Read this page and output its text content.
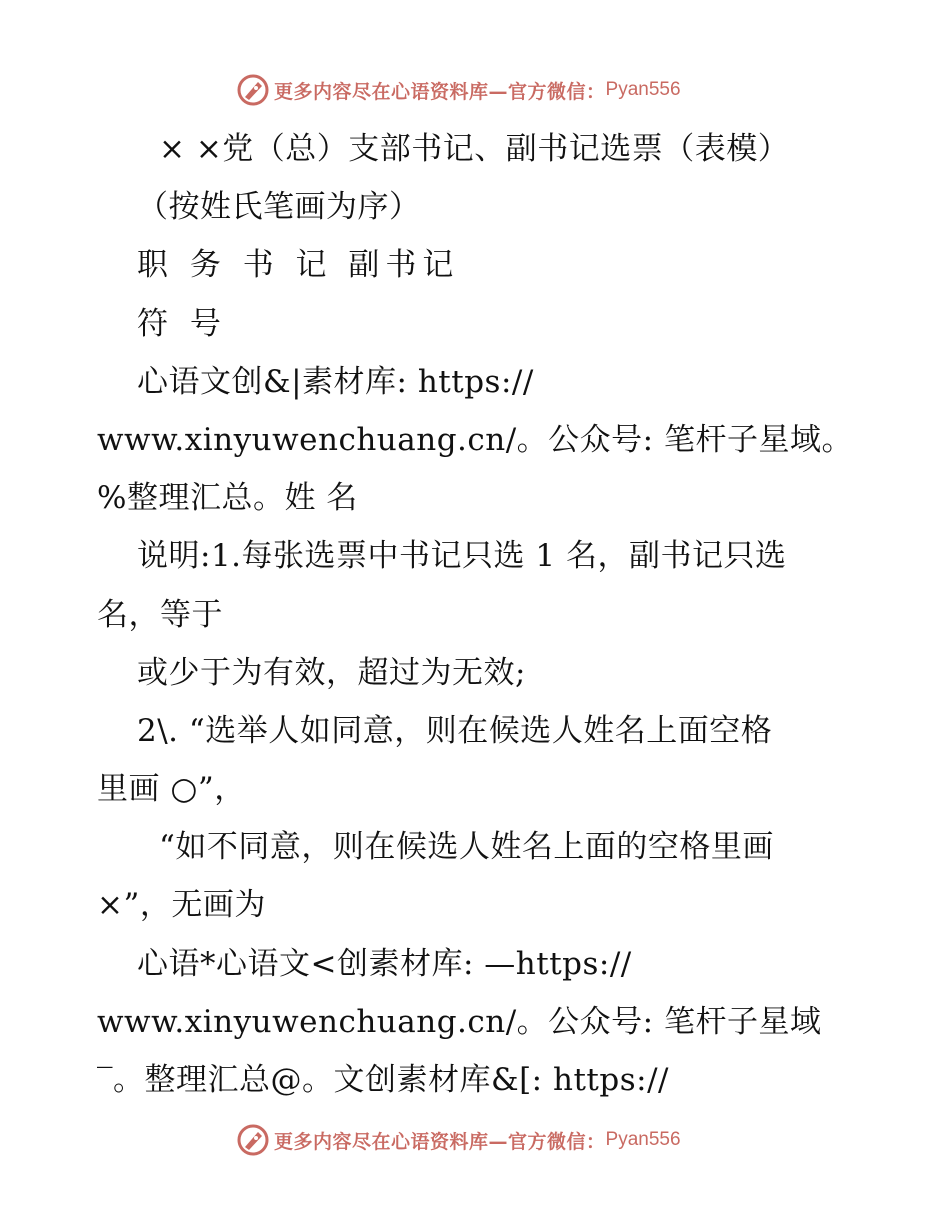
更多内容尽在心语资料库—官方微信： Pyan556
× ×党（总）支部书记、副书记选票（表模）
（按姓氏笔画为序）
职 务 书 记 副书记
符 号
心语文创&|素材库: https://
www.xinyuwenchuang.cn/。公众号: 笔杆子星域。
%整理汇总。姓 名
说明:1.每张选票中书记只选 1 名，副书记只选
名，等于
或少于为有效，超过为无效;
2\. “选举人如同意，则在候选人姓名上面空格
里画 ○”，
“如不同意，则在候选人姓名上面的空格里画
×”，无画为
心语*心语文<创素材库: —https://
www.xinyuwenchuang.cn/。公众号: 笔杆子星域
‾。整理汇总@。文创素材库&[: https://
更多内容尽在心语资料库—官方微信： Pyan556
